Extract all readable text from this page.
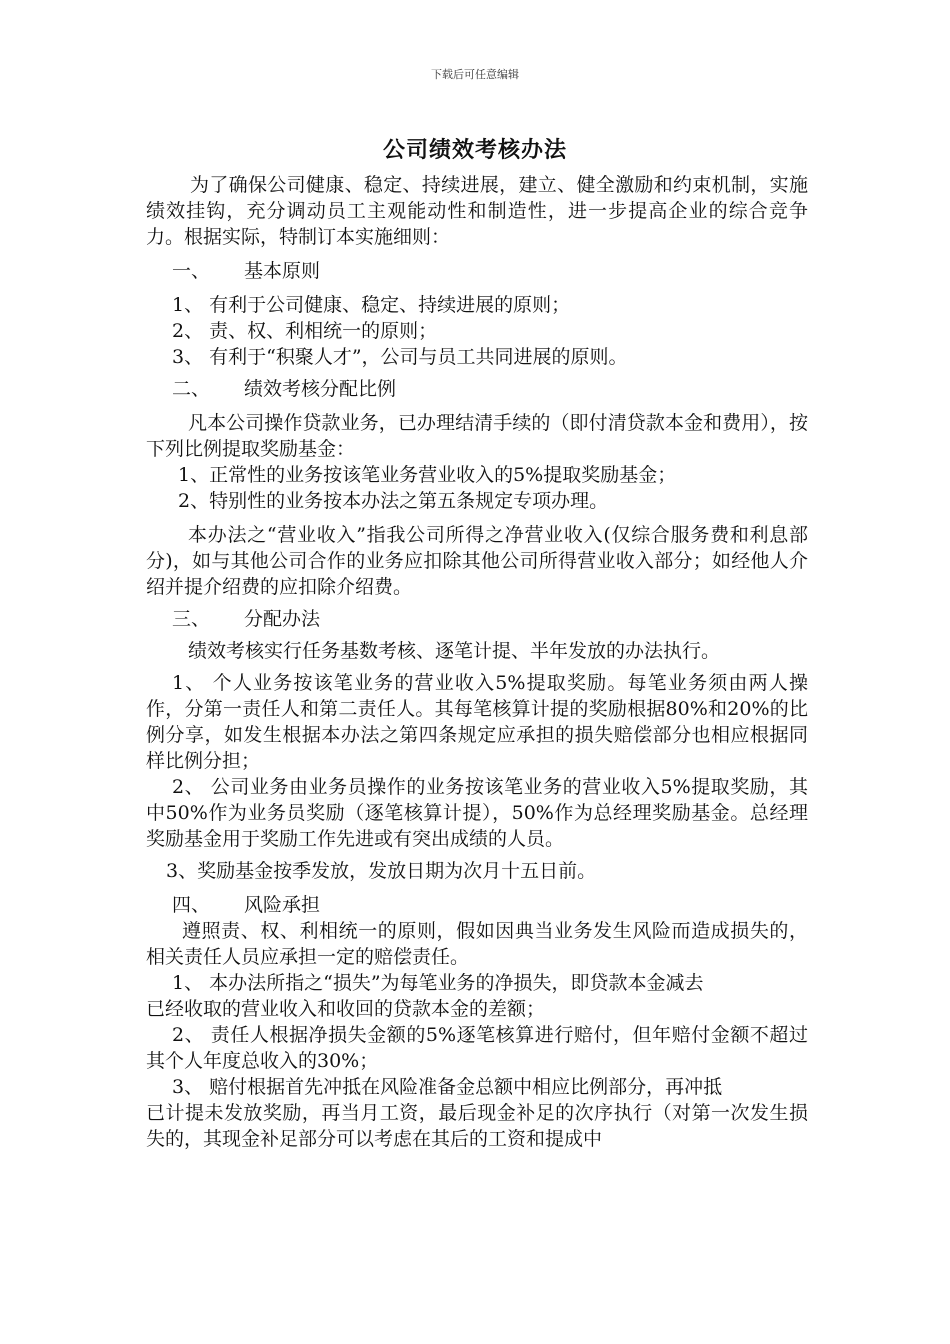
下载后可任意编辑
公司绩效考核办法

为了确保公司健康、稳定、持续进展，建立、健全激励和约束机制，实施绩效挂钩，充分调动员工主观能动性和制造性，进一步提高企业的综合竞争力。根据实际，特制订本实施细则：

一、 基本原则

1、 有利于公司健康、稳定、持续进展的原则；

2、 责、权、利相统一的原则；

3、 有利于“积聚人才”，公司与员工共同进展的原则。

二、 绩效考核分配比例

凡本公司操作贷款业务，已办理结清手续的（即付清贷款本金和费用），按下列比例提取奖励基金：

1、正常性的业务按该笔业务营业收入的5%提取奖励基金；

2、特别性的业务按本办法之第五条规定专项办理。

本办法之“营业收入”指我公司所得之净营业收入(仅综合服务费和利息部分)，如与其他公司合作的业务应扣除其他公司所得营业收入部分；如经他人介绍并提介绍费的应扣除介绍费。

三、 分配办法

绩效考核实行任务基数考核、逐笔计提、半年发放的办法执行。

1、 个人业务按该笔业务的营业收入5%提取奖励。每笔业务须由两人操作，分第一责任人和第二责任人。其每笔核算计提的奖励根据80%和20%的比例分享，如发生根据本办法之第四条规定应承担的损失赔偿部分也相应根据同样比例分担；

2、 公司业务由业务员操作的业务按该笔业务的营业收入5%提取奖励，其中50%作为业务员奖励（逐笔核算计提），50%作为总经理奖励基金。总经理奖励基金用于奖励工作先进或有突出成绩的人员。

3、奖励基金按季发放，发放日期为次月十五日前。

四、 风险承担

遵照责、权、利相统一的原则，假如因典当业务发生风险而造成损失的，相关责任人员应承担一定的赔偿责任。

1、 本办法所指之“损失”为每笔业务的净损失，即贷款本金减去

已经收取的营业收入和收回的贷款本金的差额；

2、 责任人根据净损失金额的5%逐笔核算进行赔付，但年赔付金额不超过其个人年度总收入的30%；

3、 赔付根据首先冲抵在风险准备金总额中相应比例部分，再冲抵

已计提未发放奖励，再当月工资，最后现金补足的次序执行（对第一次发生损失的，其现金补足部分可以考虑在其后的工资和提成中
